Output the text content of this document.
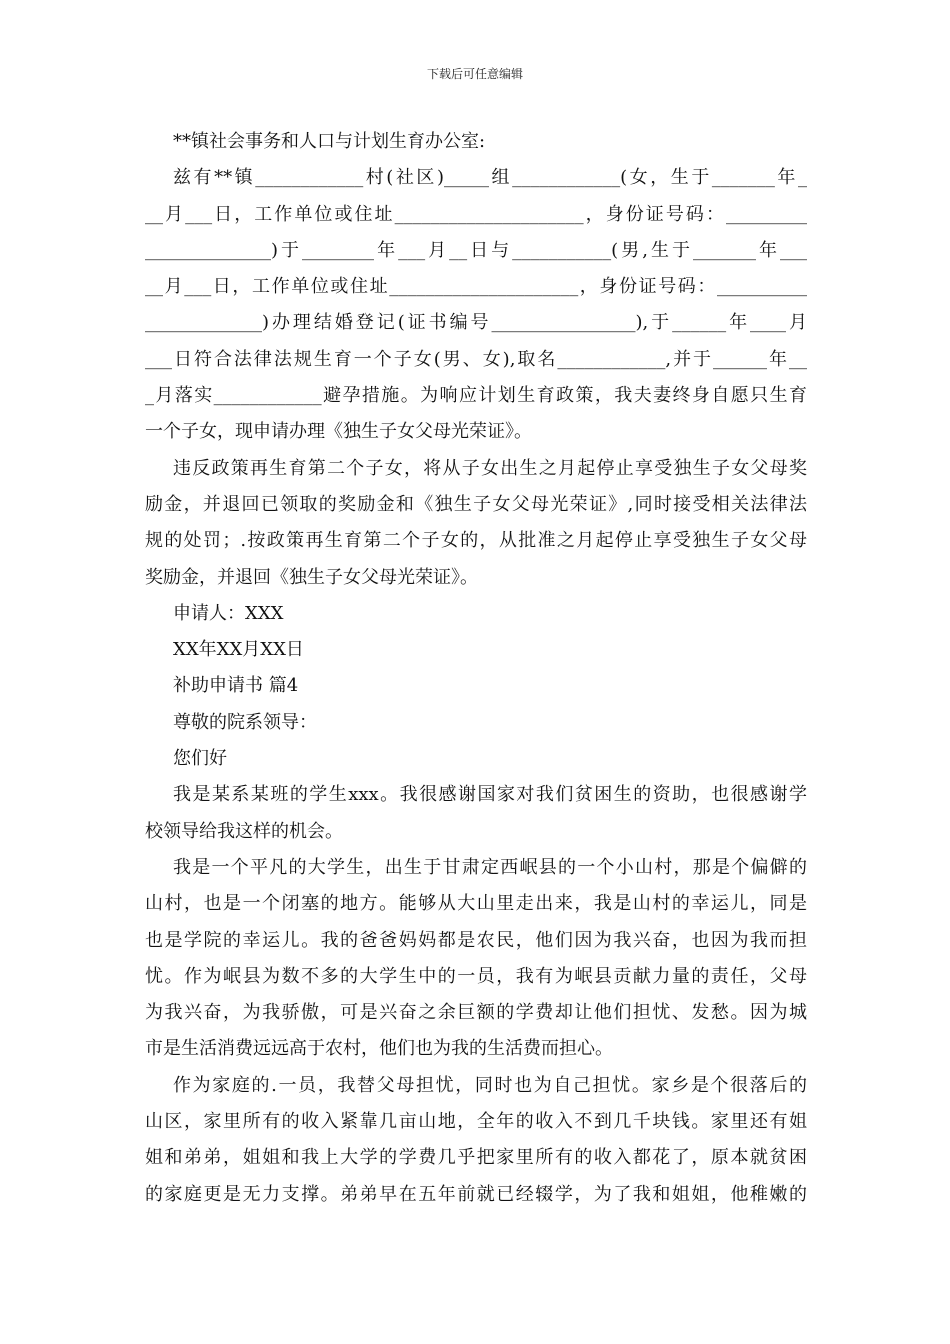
下载后可任意编辑
**镇社会事务和人口与计划生育办公室:
兹有**镇____________村(社区)_____组____________(女，生于_______年_
__月___日，工作单位或住址_____________________，身份证号码：_________
______________)于________年___月__日与___________(男,生于_______年___
__月___日，工作单位或住址_____________________，身份证号码：__________
_____________)办理结婚登记(证书编号________________),于______年____月
___日符合法律法规生育一个子女(男、女),取名____________,并于______年__
_月落实____________避孕措施。为响应计划生育政策，我夫妻终身自愿只生育
一个子女，现申请办理《独生子女父母光荣证》。
违反政策再生育第二个子女，将从子女出生之月起停止享受独生子女父母奖
励金，并退回已领取的奖励金和《独生子女父母光荣证》,同时接受相关法律法
规的处罚；.按政策再生育第二个子女的，从批准之月起停止享受独生子女父母
奖励金，并退回《独生子女父母光荣证》。
申请人：XXX
XX年XX月XX日
补助申请书 篇4
尊敬的院系领导：
您们好
我是某系某班的学生xxx。我很感谢国家对我们贫困生的资助，也很感谢学
校领导给我这样的机会。
我是一个平凡的大学生，出生于甘肃定西岷县的一个小山村，那是个偏僻的
山村，也是一个闭塞的地方。能够从大山里走出来，我是山村的幸运儿，同是
也是学院的幸运儿。我的爸爸妈妈都是农民，他们因为我兴奋，也因为我而担
忧。作为岷县为数不多的大学生中的一员，我有为岷县贡献力量的责任，父母
为我兴奋，为我骄傲，可是兴奋之余巨额的学费却让他们担忧、发愁。因为城
市是生活消费远远高于农村，他们也为我的生活费而担心。
作为家庭的.一员，我替父母担忧，同时也为自己担忧。家乡是个很落后的
山区，家里所有的收入紧靠几亩山地，全年的收入不到几千块钱。家里还有姐
姐和弟弟，姐姐和我上大学的学费几乎把家里所有的收入都花了，原本就贫困
的家庭更是无力支撑。弟弟早在五年前就已经辍学，为了我和姐姐，他稚嫩的
